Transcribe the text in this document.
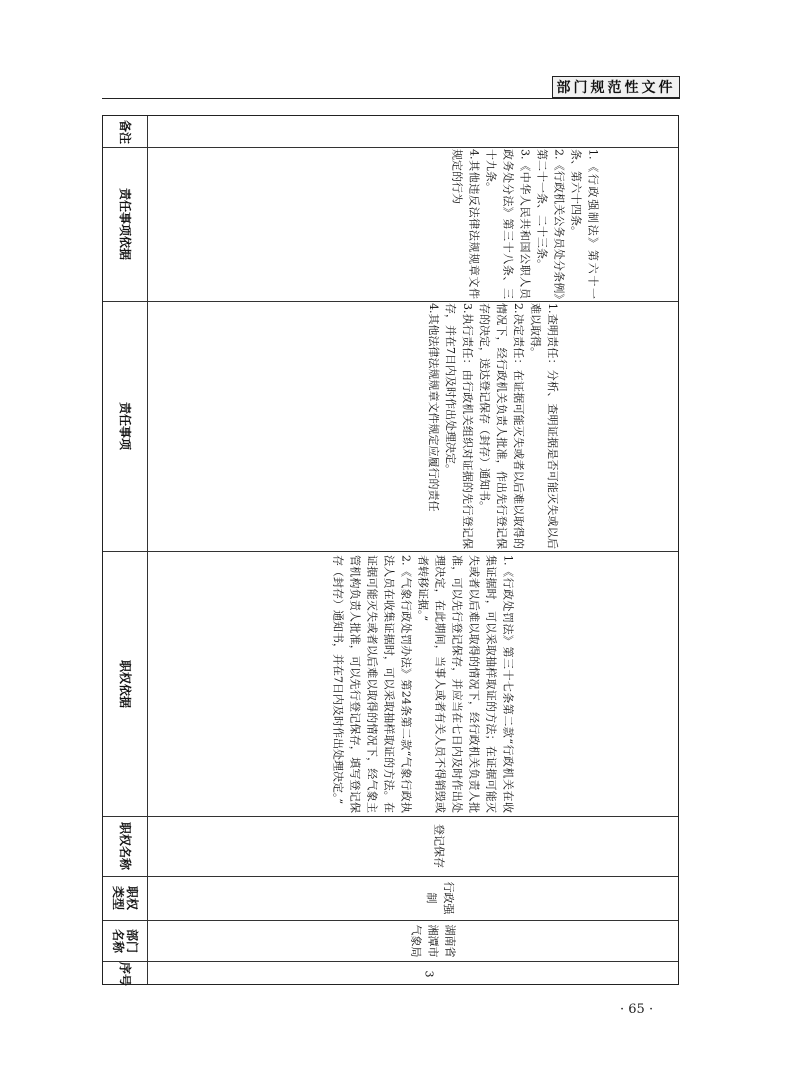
部门规范性文件
备注
责任事项依据
责任事项
职权依据
职权名称
职权类型
部门名称
序号

1.《行政强制法》第六十一条、第六十四条。

2.《行政机关公务员处分条例》第二十一条、二十三条。

3.《中华人民共和国公职人员政务处分法》第三十八条、三十九条。

4.其他违反法律法规规章文件规定的行为

1.查明责任：分析、查明证据是否可能灭失或以后难以取得。

2.决定责任：在证据可能灭失或者以后难以取得的情况下，经行政机关负责人批准，作出先行登记保存的决定，送达登记保存（封存）通知书。

3.执行责任：由行政机关组织对证据的先行登记保存，并在7日内及时作出处理决定。

4.其他法律法规规章文件规定应履行的责任

1.《行政处罚法》第三十七条第二款“行政机关在收集证据时，可以采取抽样取证的方法；在证据可能灭失或者以后难以取得的情况下，经行政机关负责人批准，可以先行登记保存，并应当在七日内及时作出处理决定，在此期间，当事人或者有关人员不得销毁或者转移证据。”

2.《气象行政处罚办法》第24条第二款“气象行政执法人员在收集证据时，可以采取抽样取证的方法。在证据可能灭失或者以后难以取得的情况下，经气象主管机构负责人批准，可以先行登记保存，填写登记保存（封存）通知书，并在7日内及时作出处理决定。”

登记保存
行政强制
湖南省湘潭市气象局
3
· 65 ·
